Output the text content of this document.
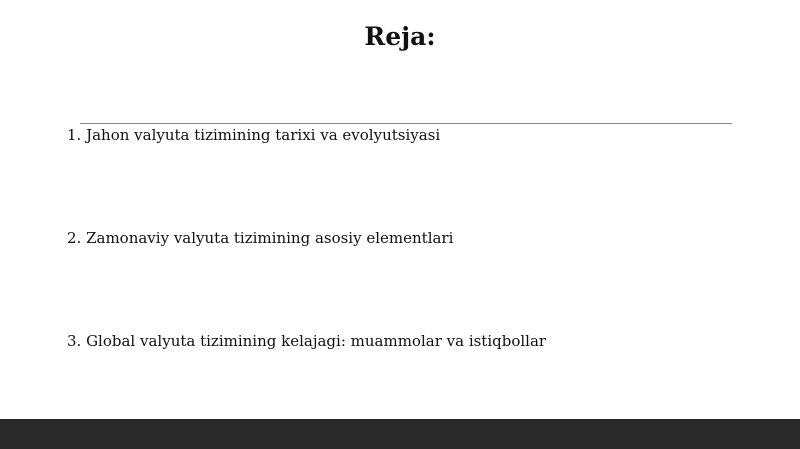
Reja:
1. Jahon valyuta tizimining tarixi va evolyutsiyasi
2. Zamonaviy valyuta tizimining asosiy elementlari
3. Global valyuta tizimining kelajagi: muammolar va istiqbollar
